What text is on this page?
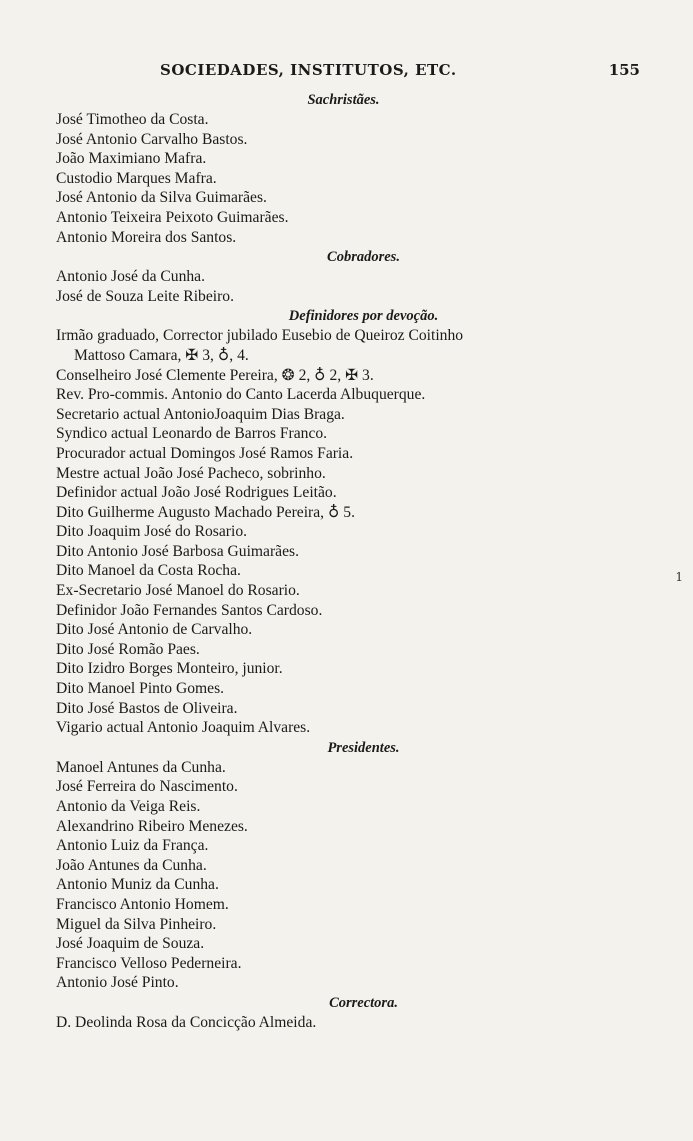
SOCIEDADES, INSTITUTOS, ETC.	155
Sachristães.
José Timotheo da Costa.
José Antonio Carvalho Bastos.
João Maximiano Mafra.
Custodio Marques Mafra.
José Antonio da Silva Guimarães.
Antonio Teixeira Peixoto Guimarães.
Antonio Moreira dos Santos.
Cobradores.
Antonio José da Cunha.
José de Souza Leite Ribeiro.
Definidores por devoção.
Irmão graduado, Corrector jubilado Eusebio de Queiroz Coitinho
Mattoso Camara, ✠ 3, ♁, 4.
Conselheiro José Clemente Pereira, ❂ 2, ♁ 2, ✠ 3.
Rev. Pro-commis. Antonio do Canto Lacerda Albuquerque.
Secretario actual AntonioJoaquim Dias Braga.
Syndico actual Leonardo de Barros Franco.
Procurador actual Domingos José Ramos Faria.
Mestre actual João José Pacheco, sobrinho.
Definidor actual João José Rodrigues Leitão.
Dito Guilherme Augusto Machado Pereira, ♁ 5.
Dito Joaquim José do Rosario.
Dito Antonio José Barbosa Guimarães.
Dito Manoel da Costa Rocha.
Ex-Secretario José Manoel do Rosario.
Definidor João Fernandes Santos Cardoso.
Dito José Antonio de Carvalho.
Dito José Romão Paes.
Dito Izidro Borges Monteiro, junior.
Dito Manoel Pinto Gomes.
Dito José Bastos de Oliveira.
Vigario actual Antonio Joaquim Alvares.
Presidentes.
Manoel Antunes da Cunha.
José Ferreira do Nascimento.
Antonio da Veiga Reis.
Alexandrino Ribeiro Menezes.
Antonio Luiz da França.
João Antunes da Cunha.
Antonio Muniz da Cunha.
Francisco Antonio Homem.
Miguel da Silva Pinheiro.
José Joaquim de Souza.
Francisco Velloso Pederneira.
Antonio José Pinto.
Correctora.
D. Deolinda Rosa da Concicção Almeida.
1
